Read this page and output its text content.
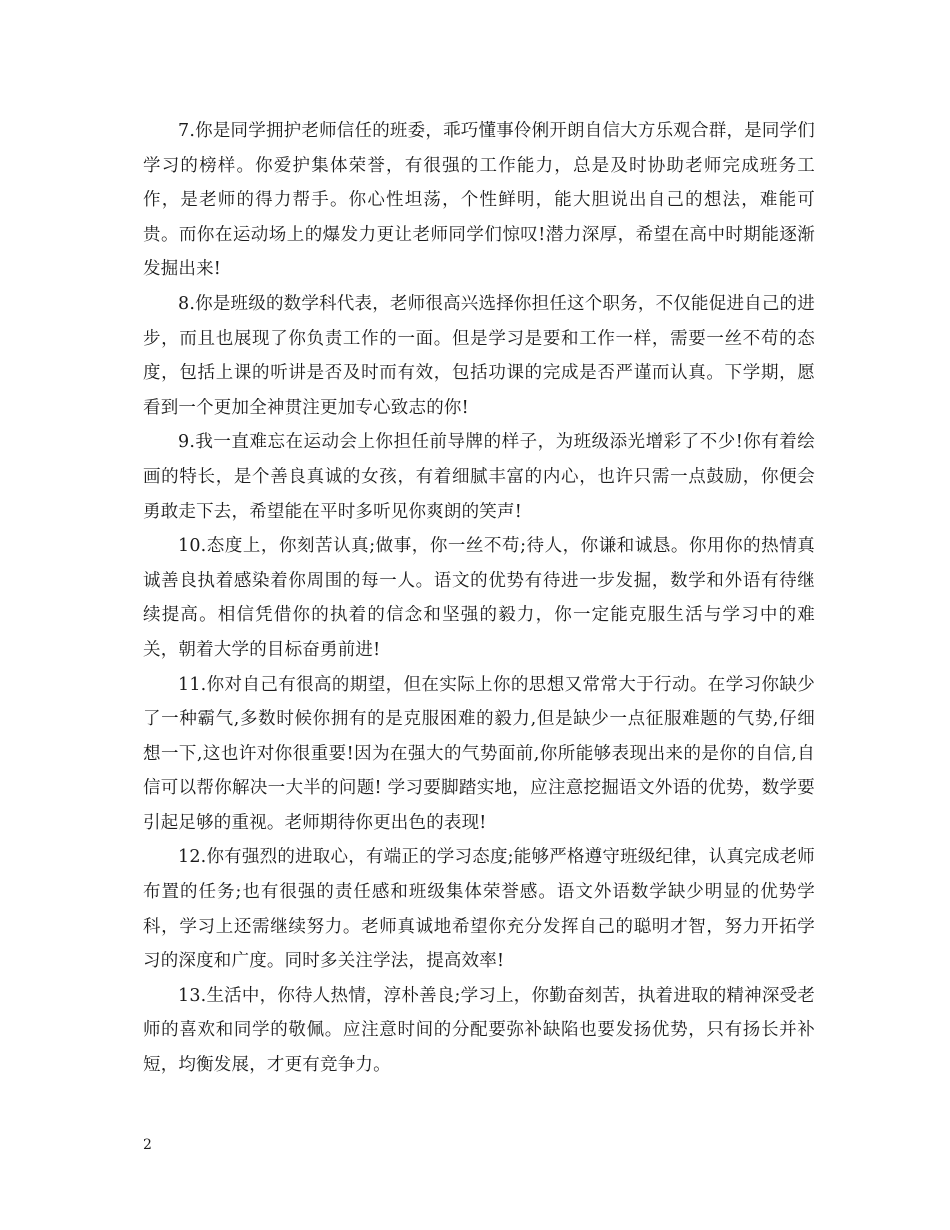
7.你是同学拥护老师信任的班委，乖巧懂事伶俐开朗自信大方乐观合群，是同学们学习的榜样。你爱护集体荣誉，有很强的工作能力，总是及时协助老师完成班务工作，是老师的得力帮手。你心性坦荡，个性鲜明，能大胆说出自己的想法，难能可贵。而你在运动场上的爆发力更让老师同学们惊叹!潜力深厚，希望在高中时期能逐渐发掘出来!

8.你是班级的数学科代表，老师很高兴选择你担任这个职务，不仅能促进自己的进步，而且也展现了你负责工作的一面。但是学习是要和工作一样，需要一丝不苟的态度，包括上课的听讲是否及时而有效，包括功课的完成是否严谨而认真。下学期，愿看到一个更加全神贯注更加专心致志的你!

9.我一直难忘在运动会上你担任前导牌的样子，为班级添光增彩了不少!你有着绘画的特长，是个善良真诚的女孩，有着细腻丰富的内心，也许只需一点鼓励，你便会勇敢走下去，希望能在平时多听见你爽朗的笑声!

10.态度上，你刻苦认真;做事，你一丝不苟;待人，你谦和诚恳。你用你的热情真诚善良执着感染着你周围的每一人。语文的优势有待进一步发掘，数学和外语有待继续提高。相信凭借你的执着的信念和坚强的毅力，你一定能克服生活与学习中的难关，朝着大学的目标奋勇前进!

11.你对自己有很高的期望，但在实际上你的思想又常常大于行动。在学习你缺少了一种霸气,多数时候你拥有的是克服困难的毅力,但是缺少一点征服难题的气势,仔细想一下,这也许对你很重要!因为在强大的气势面前,你所能够表现出来的是你的自信,自信可以帮你解决一大半的问题! 学习要脚踏实地，应注意挖掘语文外语的优势，数学要引起足够的重视。老师期待你更出色的表现!

12.你有强烈的进取心，有端正的学习态度;能够严格遵守班级纪律，认真完成老师布置的任务;也有很强的责任感和班级集体荣誉感。语文外语数学缺少明显的优势学科，学习上还需继续努力。老师真诚地希望你充分发挥自己的聪明才智，努力开拓学习的深度和广度。同时多关注学法，提高效率!

13.生活中，你待人热情，淳朴善良;学习上，你勤奋刻苦，执着进取的精神深受老师的喜欢和同学的敬佩。应注意时间的分配要弥补缺陷也要发扬优势，只有扬长并补短，均衡发展，才更有竞争力。

2
